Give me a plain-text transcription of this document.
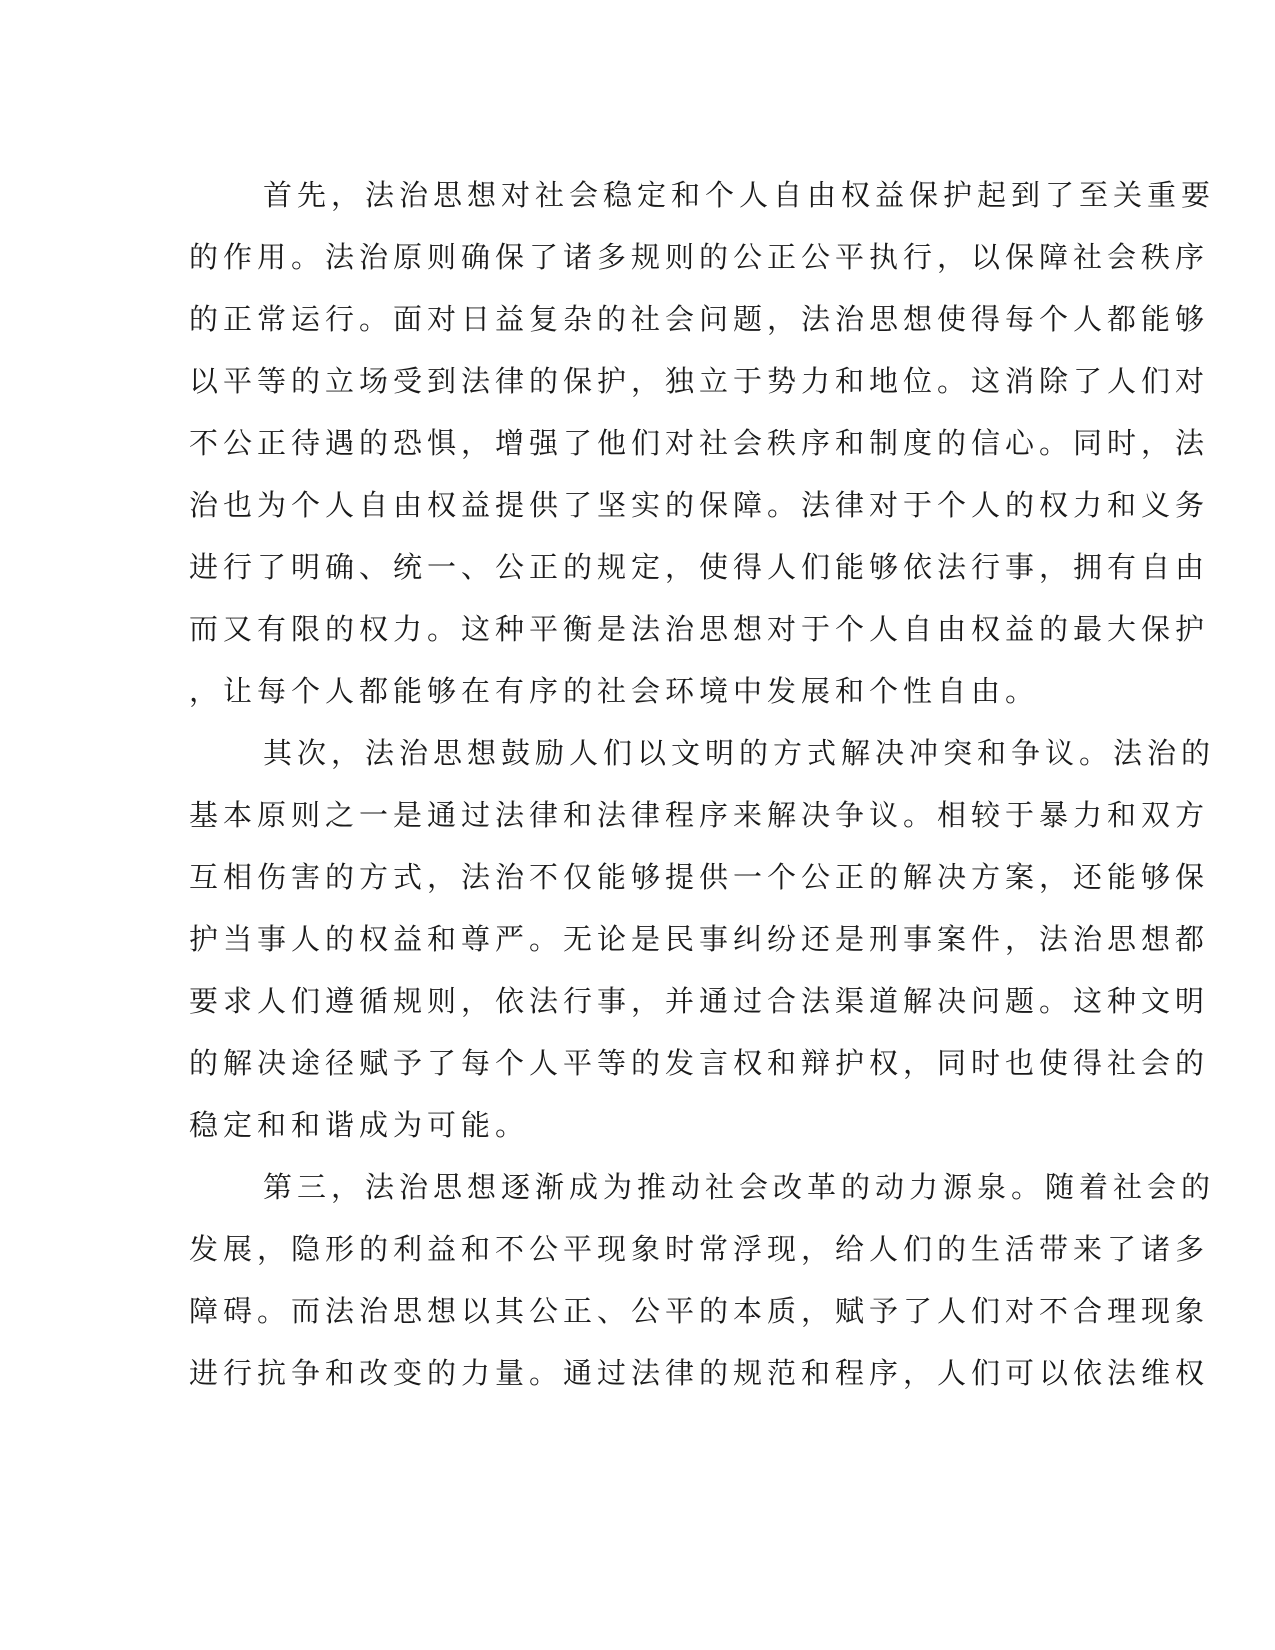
首先，法治思想对社会稳定和个人自由权益保护起到了至关重要
的作用。法治原则确保了诸多规则的公正公平执行，以保障社会秩序
的正常运行。面对日益复杂的社会问题，法治思想使得每个人都能够
以平等的立场受到法律的保护，独立于势力和地位。这消除了人们对
不公正待遇的恐惧，增强了他们对社会秩序和制度的信心。同时，法
治也为个人自由权益提供了坚实的保障。法律对于个人的权力和义务
进行了明确、统一、公正的规定，使得人们能够依法行事，拥有自由
而又有限的权力。这种平衡是法治思想对于个人自由权益的最大保护
，让每个人都能够在有序的社会环境中发展和个性自由。
其次，法治思想鼓励人们以文明的方式解决冲突和争议。法治的
基本原则之一是通过法律和法律程序来解决争议。相较于暴力和双方
互相伤害的方式，法治不仅能够提供一个公正的解决方案，还能够保
护当事人的权益和尊严。无论是民事纠纷还是刑事案件，法治思想都
要求人们遵循规则，依法行事，并通过合法渠道解决问题。这种文明
的解决途径赋予了每个人平等的发言权和辩护权，同时也使得社会的
稳定和和谐成为可能。
第三，法治思想逐渐成为推动社会改革的动力源泉。随着社会的
发展，隐形的利益和不公平现象时常浮现，给人们的生活带来了诸多
障碍。而法治思想以其公正、公平的本质，赋予了人们对不合理现象
进行抗争和改变的力量。通过法律的规范和程序，人们可以依法维权
